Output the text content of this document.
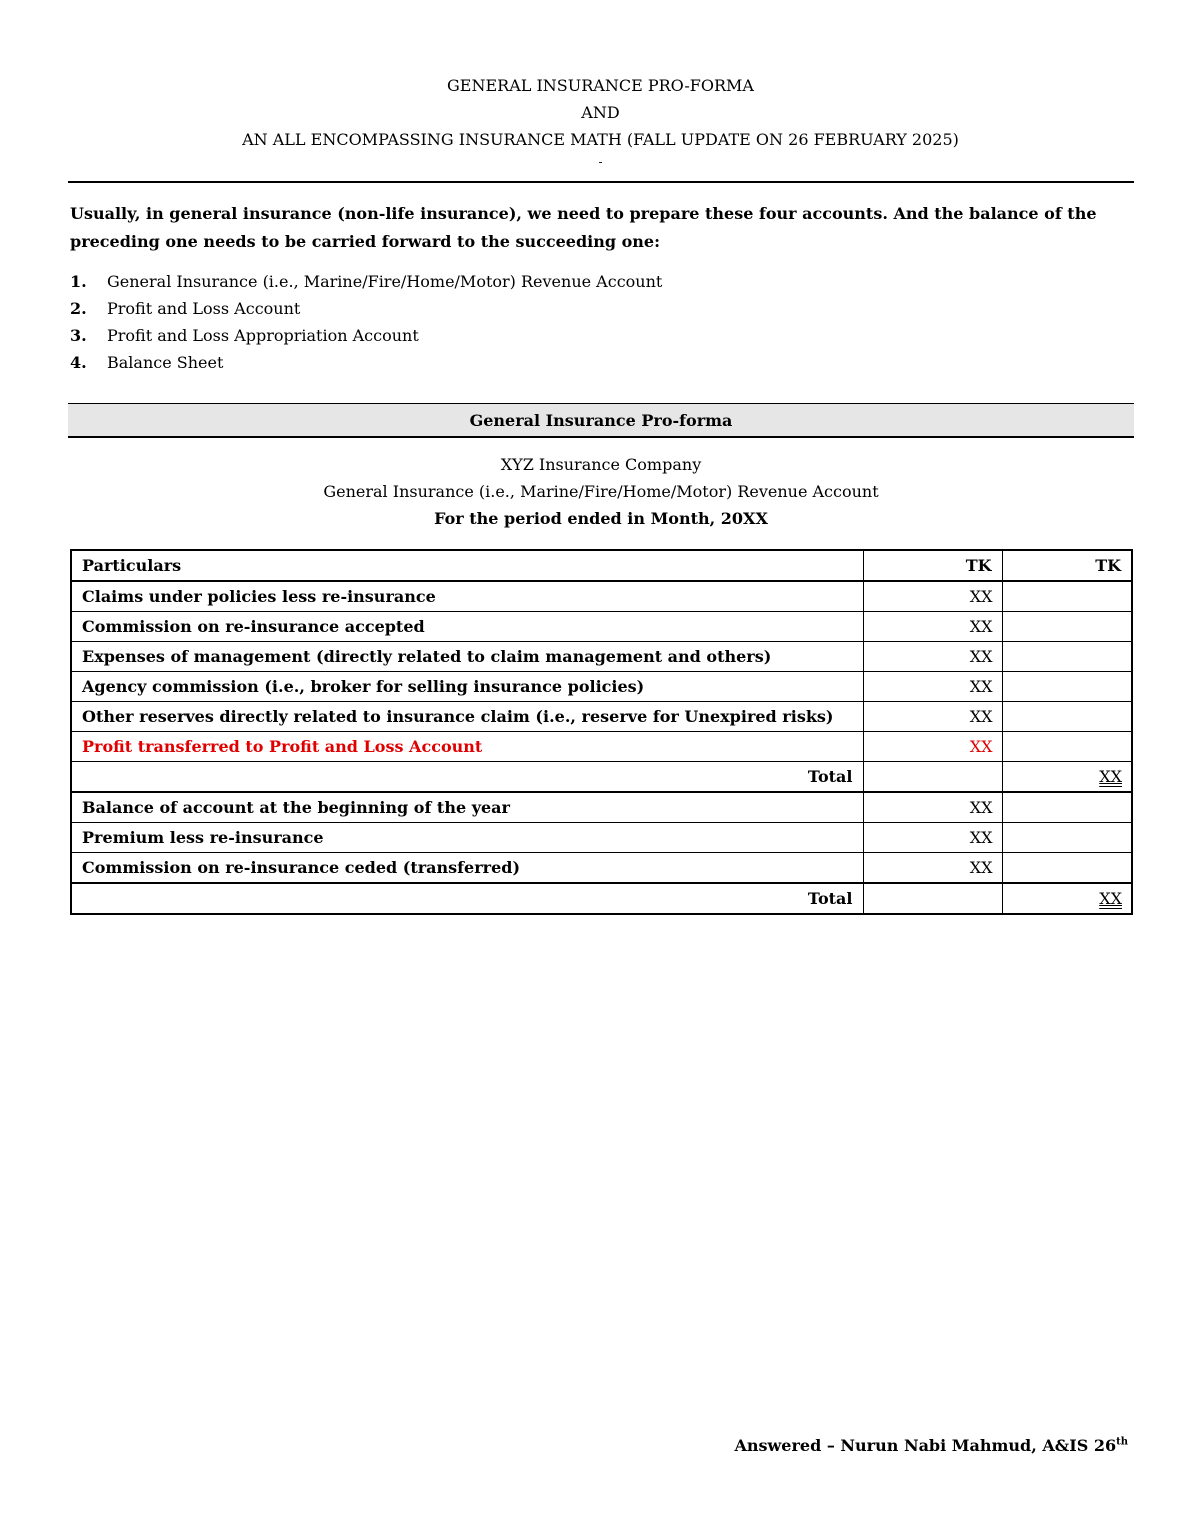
GENERAL INSURANCE PRO-FORMA
AND
AN ALL ENCOMPASSING INSURANCE MATH (FALL UPDATE ON 26 FEBRUARY 2025)
-

Usually, in general insurance (non-life insurance), we need to prepare these four accounts. And the balance of the preceding one needs to be carried forward to the succeeding one:

1.	General Insurance (i.e., Marine/Fire/Home/Motor) Revenue Account
2.	Profit and Loss Account
3.	Profit and Loss Appropriation Account
4.	Balance Sheet
General Insurance Pro-forma
XYZ Insurance Company
General Insurance (i.e., Marine/Fire/Home/Motor) Revenue Account
For the period ended in Month, 20XX
Particulars	TK	TK
Claims under policies less re-insurance	XX	
Commission on re-insurance accepted	XX	
Expenses of management (directly related to claim management and others)	XX	
Agency commission (i.e., broker for selling insurance policies)	XX	
Other reserves directly related to insurance claim (i.e., reserve for Unexpired risks)	XX	
Profit transferred to Profit and Loss Account	XX	
Total		XX
Balance of account at the beginning of the year	XX	
Premium less re-insurance	XX	
Commission on re-insurance ceded (transferred)	XX	
Total		XX
Answered – Nurun Nabi Mahmud, A&IS 26th
